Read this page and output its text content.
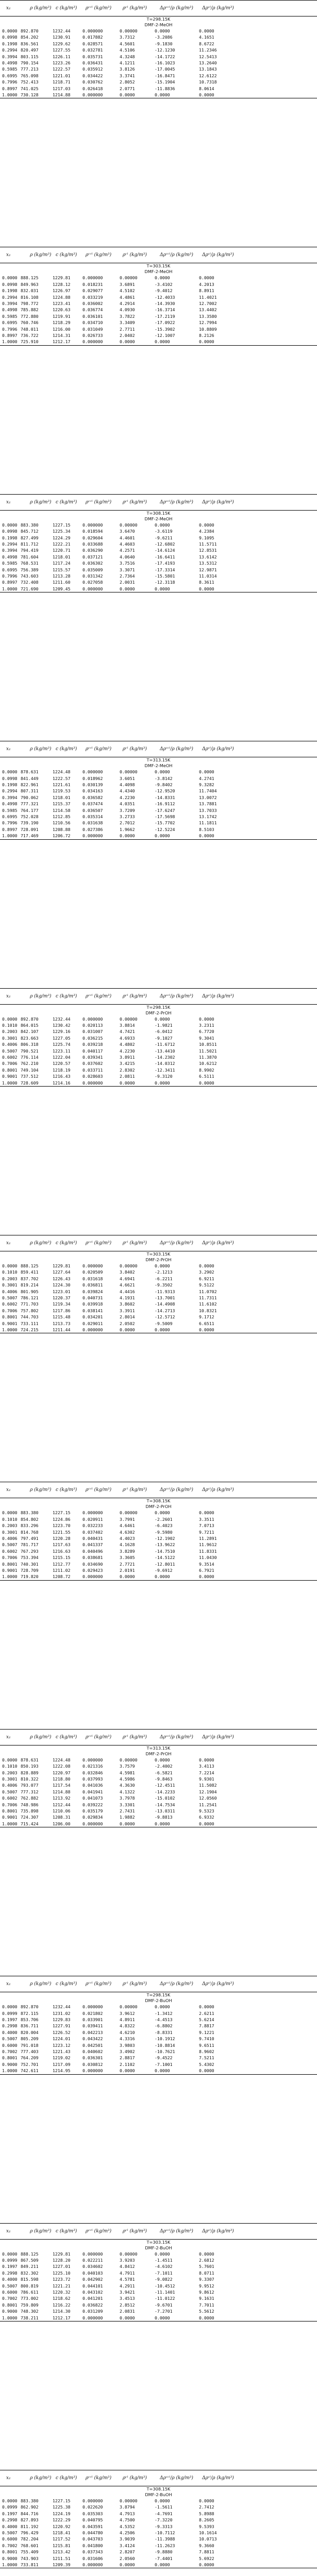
x₁	ρ (kg/m³) c (kg/m³) ρᶜᶜˡ (kg/m³) ρᶜˡ (kg/m³)	Δρᶜᶜˡ/ρ (kg/m³) Δρᶜˡ/ρ (kg/m³)
T=298.15K
DMF-2-MeOH
0.0000 892.870	1232.44	0.000000	0.00000	0.0000	0.0000
0.0998 854.202	1230.91	0.017882	3.7312	-3.2086	4.1651
0.1998 836.561	1229.62	0.028571	4.5601	-9.1830	8.6722
0.2994 820.497	1227.55	0.032781	4.5106	-12.1230	11.2346
0.3994 803.115	1226.11	0.035731	4.3248	-14.1722	12.5413
0.4998 790.154	1223.26	0.036431	4.1211	-16.1023	13.2640
0.5985 777.213	1222.57	0.035912	3.8126	-17.0045	13.1843
0.6995 765.098	1221.01	0.034422	3.3741	-16.8471	12.6122
0.7996 752.413	1218.71	0.030762	2.8052	-15.1904	10.7318
0.8997 741.025	1217.03	0.026418	2.0771	-11.8836	8.0614
1.0000 730.128	1214.88	0.000000	0.0000	0.0000	0.0000
x₁	ρ (kg/m³) c (kg/m³) ρᶜᶜˡ (kg/m³) ρᶜˡ (kg/m³)	Δρᶜᶜˡ/ρ (kg/m³) Δρᶜˡ/ρ (kg/m³)
T=303.15K
DMF-2-MeOH
0.0000 888.125	1229.81	0.000000	0.00000	0.0000	0.0000
0.0998 849.963	1228.12	0.018231	3.6891	-3.4102	4.2013
0.1998 832.031	1226.97	0.029077	4.5102	-9.4012	8.8911
0.2994 816.108	1224.88	0.033219	4.4861	-12.4033	11.4021
0.3994 798.772	1223.41	0.036002	4.2914	-14.3930	12.7002
0.4998 785.882	1220.63	0.036774	4.0930	-16.3714	13.4402
0.5985 772.880	1219.91	0.036101	3.7822	-17.2119	13.3580
0.6995 760.746	1218.29	0.034710	3.3409	-17.0922	12.7994
0.7996 748.011	1216.00	0.031049	2.7711	-15.3902	10.8809
0.8997 736.722	1214.31	0.026733	2.0402	-12.1007	8.2126
1.0000 725.910	1212.17	0.000000	0.0000	0.0000	0.0000
x₁	ρ (kg/m³) c (kg/m³) ρᶜᶜˡ (kg/m³) ρᶜˡ (kg/m³)	Δρᶜᶜˡ/ρ (kg/m³) Δρᶜˡ/ρ (kg/m³)
T=308.15K
DMF-2-MeOH
0.0000 883.380	1227.15	0.000000	0.00000	0.0000	0.0000
0.0998 845.712	1225.34	0.018594	3.6470	-3.6119	4.2384
0.1998 827.499	1224.29	0.029604	4.4601	-9.6211	9.1095
0.2994 811.712	1222.21	0.033688	4.4603	-12.6802	11.5711
0.3994 794.419	1220.71	0.036290	4.2571	-14.6124	12.8531
0.4998 781.604	1218.01	0.037121	4.0640	-16.6411	13.6142
0.5985 768.531	1217.24	0.036302	3.7516	-17.4193	13.5312
0.6995 756.389	1215.57	0.035009	3.3071	-17.3314	12.9871
0.7996 743.603	1213.28	0.031342	2.7364	-15.5801	11.0314
0.8997 732.408	1211.60	0.027058	2.0031	-12.3118	8.3611
1.0000 721.690	1209.45	0.000000	0.0000	0.0000	0.0000
x₁	ρ (kg/m³) c (kg/m³) ρᶜᶜˡ (kg/m³) ρᶜˡ (kg/m³)	Δρᶜᶜˡ/ρ (kg/m³) Δρᶜˡ/ρ (kg/m³)
T=313.15K
DMF-2-MeOH
0.0000 878.631	1224.48	0.000000	0.00000	0.0000	0.0000
0.0998 841.449	1222.57	0.018962	3.6051	-3.8142	4.2741
0.1998 822.961	1221.61	0.030139	4.4098	-9.8402	9.3282
0.2994 807.311	1219.53	0.034163	4.4340	-12.9520	11.7404
0.3994 790.062	1218.01	0.036582	4.2230	-14.8331	13.0072
0.4998 777.321	1215.37	0.037474	4.0351	-16.9112	13.7881
0.5985 764.177	1214.58	0.036507	3.7209	-17.6247	13.7033
0.6995 752.028	1212.85	0.035314	3.2733	-17.5698	13.1742
0.7996 739.190	1210.56	0.031638	2.7012	-15.7702	11.1811
0.8997 728.091	1208.88	0.027386	1.9662	-12.5224	8.5103
1.0000 717.469	1206.72	0.000000	0.0000	0.0000	0.0000
x₁	ρ (kg/m³) c (kg/m³) ρᶜᶜˡ (kg/m³) ρᶜˡ (kg/m³)	Δρᶜᶜˡ/ρ (kg/m³) Δρᶜˡ/ρ (kg/m³)
T=298.15K
DMF-2-PrOH
0.0000 892.870	1232.44	0.000000	0.00000	0.0000	0.0000
0.1010 864.015	1230.42	0.020113	3.8814	-1.9821	3.2311
0.2003 842.107	1229.16	0.031007	4.7421	-6.0412	6.7720
0.3001 823.663	1227.05	0.036215	4.6933	-9.1027	9.3041
0.4006 806.318	1225.74	0.039218	4.4802	-11.6712	10.8511
0.5007 790.521	1223.11	0.040117	4.2230	-13.4410	11.5021
0.6002 776.114	1222.04	0.039341	3.8911	-14.2302	11.3870
0.7006 762.210	1220.57	0.037602	3.4215	-14.0312	10.6212
0.8001 749.104	1218.19	0.033711	2.8302	-12.3411	8.9902
0.9001 737.512	1216.43	0.028603	2.0811	-9.3120	6.5111
1.0000 728.609	1214.16	0.000000	0.0000	0.0000	0.0000
x₁	ρ (kg/m³) c (kg/m³) ρᶜᶜˡ (kg/m³) ρᶜˡ (kg/m³)	Δρᶜᶜˡ/ρ (kg/m³) Δρᶜˡ/ρ (kg/m³)
T=303.15K
DMF-2-PrOH
0.0000 888.125	1229.81	0.000000	0.00000	0.0000	0.0000
0.1010 859.411	1227.64	0.020509	3.8402	-2.1213	3.2902
0.2003 837.702	1226.43	0.031618	4.6941	-6.2211	6.9211
0.3001 819.214	1224.30	0.036811	4.6621	-9.3502	9.5122
0.4006 801.905	1223.01	0.039824	4.4416	-11.9313	11.0702
0.5007 786.121	1220.37	0.040731	4.1931	-13.7001	11.7311
0.6002 771.703	1219.34	0.039918	3.8602	-14.4908	11.6102
0.7006 757.802	1217.86	0.038141	3.3911	-14.2713	10.8321
0.8001 744.703	1215.48	0.034201	2.8014	-12.5712	9.1712
0.9001 733.111	1213.73	0.029011	2.0502	-9.5009	6.6511
1.0000 724.215	1211.44	0.000000	0.0000	0.0000	0.0000
x₁	ρ (kg/m³) c (kg/m³) ρᶜᶜˡ (kg/m³) ρᶜˡ (kg/m³)	Δρᶜᶜˡ/ρ (kg/m³) Δρᶜˡ/ρ (kg/m³)
T=308.15K
DMF-2-PrOH
0.0000 883.380	1227.15	0.000000	0.00000	0.0000	0.0000
0.1010 854.802	1224.86	0.020911	3.7991	-2.2601	3.3511
0.2003 833.296	1223.70	0.032233	4.6461	-6.4023	7.0713
0.3001 814.768	1221.55	0.037402	4.6302	-9.5980	9.7211
0.4006 797.491	1220.28	0.040431	4.4023	-12.1902	11.2891
0.5007 781.717	1217.63	0.041337	4.1628	-13.9622	11.9612
0.6002 767.293	1216.63	0.040496	3.8289	-14.7510	11.8331
0.7006 753.394	1215.15	0.038681	3.3605	-14.5122	11.0430
0.8001 740.301	1212.77	0.034690	2.7721	-12.8011	9.3514
0.9001 728.709	1211.02	0.029423	2.0191	-9.6912	6.7921
1.0000 719.820	1208.72	0.000000	0.0000	0.0000	0.0000
x₁	ρ (kg/m³) c (kg/m³) ρᶜᶜˡ (kg/m³) ρᶜˡ (kg/m³)	Δρᶜᶜˡ/ρ (kg/m³) Δρᶜˡ/ρ (kg/m³)
T=313.15K
DMF-2-PrOH
0.0000 878.631	1224.48	0.000000	0.00000	0.0000	0.0000
0.1010 850.193	1222.08	0.021316	3.7579	-2.4002	3.4113
0.2003 828.889	1220.97	0.032846	4.5981	-6.5821	7.2214
0.3001 810.322	1218.80	0.037993	4.5986	-9.8463	9.9301
0.4006 793.077	1217.54	0.041036	4.3630	-12.4511	11.5082
0.5007 777.312	1214.88	0.041941	4.1322	-14.2233	12.1904
0.6002 762.882	1213.92	0.041073	3.7978	-15.0102	12.0560
0.7006 748.986	1212.44	0.039222	3.3301	-14.7534	11.2541
0.8001 735.898	1210.06	0.035179	2.7431	-13.0311	9.5323
0.9001 724.307	1208.31	0.029834	1.9882	-9.8813	6.9332
1.0000 715.424	1206.00	0.000000	0.0000	0.0000	0.0000
x₁	ρ (kg/m³) c (kg/m³) ρᶜᶜˡ (kg/m³) ρᶜˡ (kg/m³)	Δρᶜᶜˡ/ρ (kg/m³) Δρᶜˡ/ρ (kg/m³)
T=298.15K
DMF-2-BuOH
0.0000 892.870	1232.44	0.000000	0.00000	0.0000	0.0000
0.0999 872.115	1231.02	0.021802	3.9612	-1.3412	2.6211
0.1997 853.706	1229.83	0.033901	4.8911	-4.4513	5.6214
0.2998 836.711	1227.91	0.039411	4.8322	-6.8802	7.8817
0.4000 820.004	1226.52	0.042213	4.6210	-8.8331	9.1221
0.5007 805.209	1224.01	0.043422	4.3316	-10.1912	9.7410
0.6000 791.018	1223.12	0.042501	3.9803	-10.8814	9.6511
0.7002 777.403	1221.43	0.040602	3.4902	-10.7621	8.9602
0.8001 764.209	1219.02	0.036301	2.8817	-9.4522	7.5211
0.9000 752.701	1217.09	0.030812	2.1102	-7.1001	5.4302
1.0000 742.611	1214.95	0.000000	0.0000	0.0000	0.0000
x₁	ρ (kg/m³) c (kg/m³) ρᶜᶜˡ (kg/m³) ρᶜˡ (kg/m³)	Δρᶜᶜˡ/ρ (kg/m³) Δρᶜˡ/ρ (kg/m³)
T=303.15K
DMF-2-BuOH
0.0000 888.125	1229.81	0.000000	0.00000	0.0000	0.0000
0.0999 867.509	1228.20	0.022211	3.9203	-1.4511	2.6812
0.1997 849.211	1227.01	0.034602	4.8412	-4.6102	5.7601
0.2998 832.302	1225.10	0.040103	4.7911	-7.1011	8.0711
0.4000 815.598	1223.72	0.042902	4.5781	-9.0822	9.3307
0.5007 800.819	1221.21	0.044101	4.2911	-10.4512	9.9512
0.6000 786.611	1220.32	0.043102	3.9421	-11.1401	9.8612
0.7002 773.002	1218.62	0.041201	3.4513	-11.0122	9.1631
0.8001 759.809	1216.22	0.036822	2.8512	-9.6701	7.7011
0.9000 748.302	1214.30	0.031209	2.0831	-7.2701	5.5612
1.0000 738.211	1212.17	0.000000	0.0000	0.0000	0.0000
x₁	ρ (kg/m³) c (kg/m³) ρᶜᶜˡ (kg/m³) ρᶜˡ (kg/m³)	Δρᶜᶜˡ/ρ (kg/m³) Δρᶜˡ/ρ (kg/m³)
T=308.15K
DMF-2-BuOH
0.0000 883.380	1227.15	0.000000	0.00000	0.0000	0.0000
0.0999 862.902	1225.38	0.022620	3.8794	-1.5611	2.7412
0.1997 844.716	1224.19	0.035303	4.7913	-4.7691	5.8988
0.2998 827.893	1222.29	0.040795	4.7500	-7.3220	8.2605
0.4000 811.192	1220.92	0.043591	4.5352	-9.3313	9.5393
0.5007 796.429	1218.41	0.044780	4.2506	-10.7112	10.1614
0.6000 782.204	1217.52	0.043703	3.9039	-11.3988	10.0713
0.7002 768.601	1215.81	0.041800	3.4124	-11.2623	9.3660
0.8001 755.409	1213.42	0.037343	2.8207	-9.8880	7.8811
0.9000 743.903	1211.51	0.031606	2.0560	-7.4401	5.6922
1.0000 733.811	1209.39	0.000000	0.0000	0.0000	0.0000
